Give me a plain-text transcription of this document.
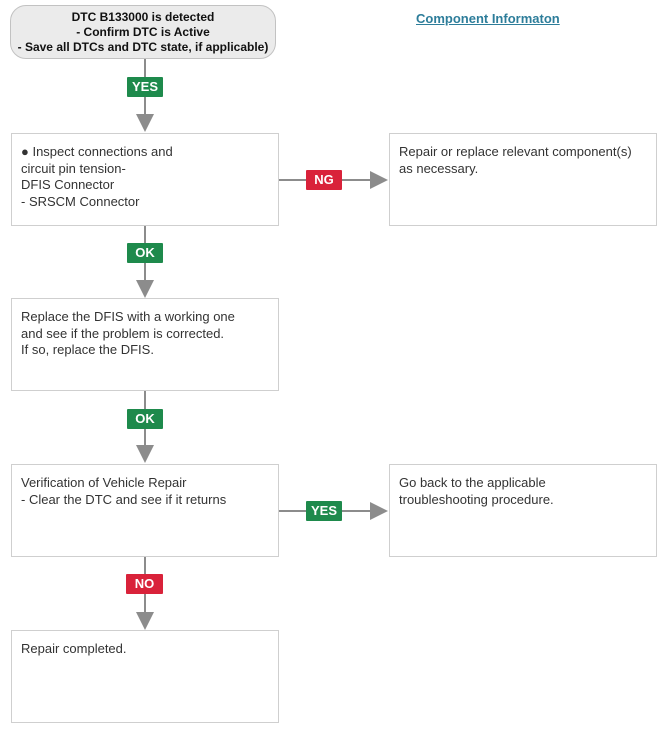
DTC B133000 is detected
- Confirm DTC is Active
- Save all DTCs and DTC state, if applicable)
Component Informaton
YES
● Inspect connections and
circuit pin tension-
DFIS Connector
- SRSCM Connector
NG
Repair or replace relevant component(s)
as necessary.
OK
Replace the DFIS with a working one
and see if the problem is corrected.
If so, replace the DFIS.
OK
Verification of Vehicle Repair
- Clear the DTC and see if it returns
YES
Go back to the applicable
troubleshooting procedure.
NO
Repair completed.
